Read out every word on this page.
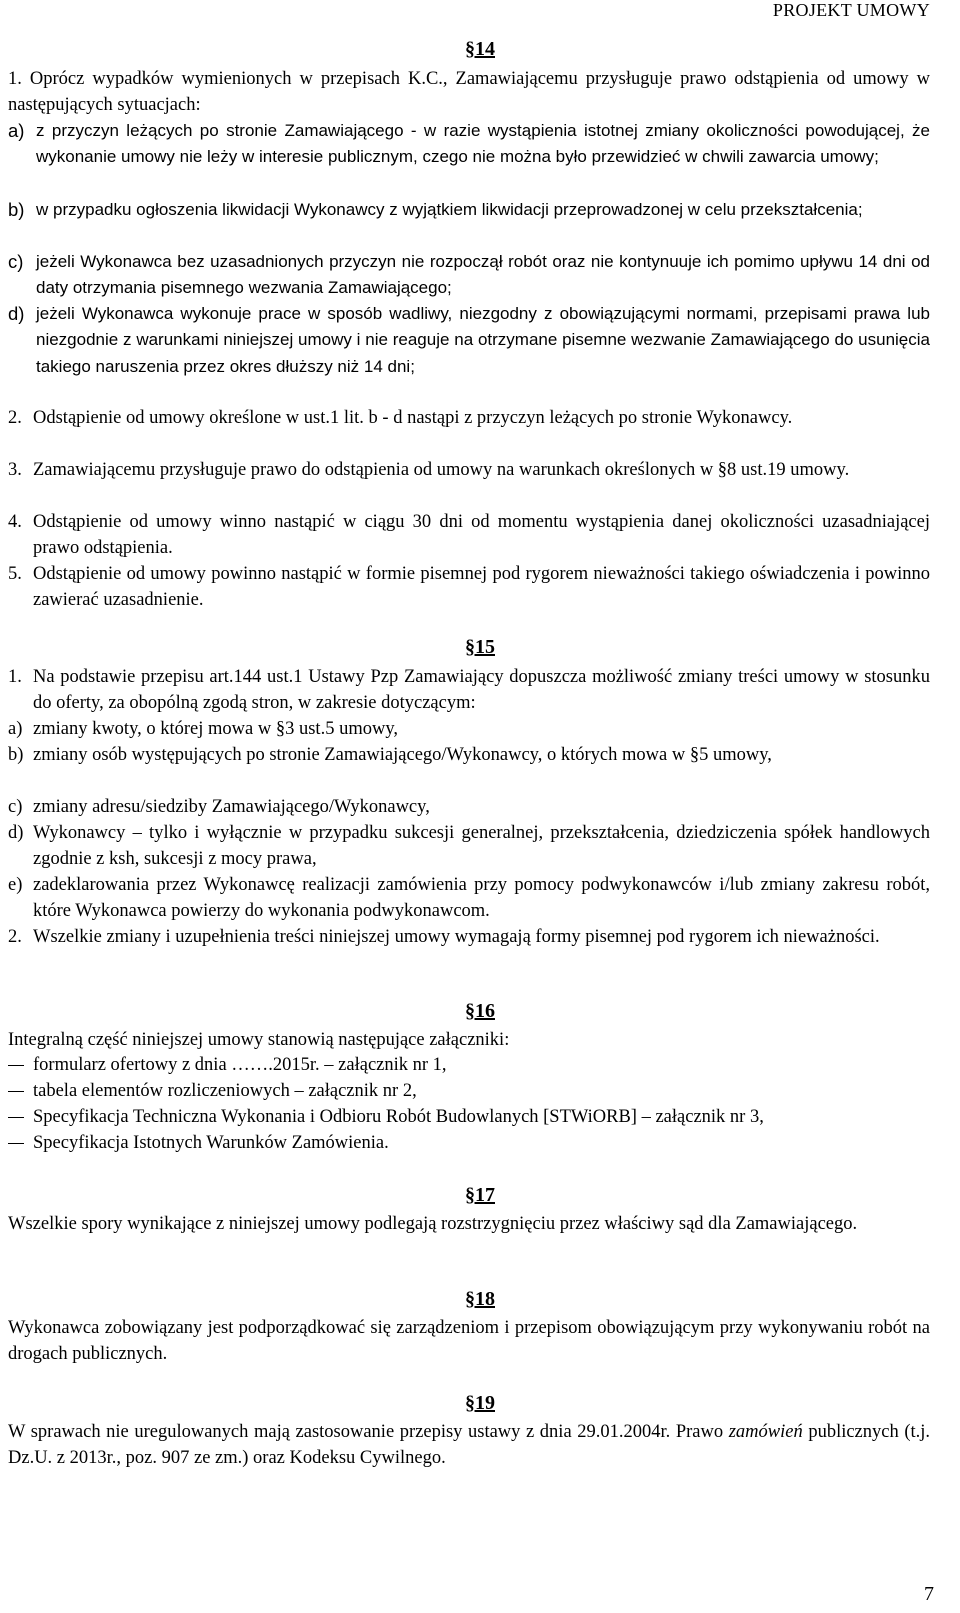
PROJEKT UMOWY
§14
1. Oprócz wypadków wymienionych w przepisach K.C., Zamawiającemu przysługuje prawo odstąpienia od umowy w następujących sytuacjach:
a) z przyczyn leżących po stronie Zamawiającego - w razie wystąpienia istotnej zmiany okoliczności powodującej, że wykonanie umowy nie leży w interesie publicznym, czego nie można było przewidzieć w chwili zawarcia umowy;
b) w przypadku ogłoszenia likwidacji Wykonawcy z wyjątkiem likwidacji przeprowadzonej w celu przekształcenia;
c) jeżeli Wykonawca bez uzasadnionych przyczyn nie rozpoczął robót oraz nie kontynuuje ich pomimo upływu 14 dni od daty otrzymania pisemnego wezwania Zamawiającego;
d) jeżeli Wykonawca wykonuje prace w sposób wadliwy, niezgodny z obowiązującymi normami, przepisami prawa lub niezgodnie z warunkami niniejszej umowy i nie reaguje na otrzymane pisemne wezwanie Zamawiającego do usunięcia takiego naruszenia przez okres dłuższy niż 14 dni;
2. Odstąpienie od umowy określone w ust.1 lit. b - d nastąpi z przyczyn leżących po stronie Wykonawcy.
3. Zamawiającemu przysługuje prawo do odstąpienia od umowy na warunkach określonych w §8 ust.19 umowy.
4. Odstąpienie od umowy winno nastąpić w ciągu 30 dni od momentu wystąpienia danej okoliczności uzasadniającej prawo odstąpienia.
5. Odstąpienie od umowy powinno nastąpić w formie pisemnej pod rygorem nieważności takiego oświadczenia i powinno zawierać uzasadnienie.
§15
1. Na podstawie przepisu art.144 ust.1 Ustawy Pzp Zamawiający dopuszcza możliwość zmiany treści umowy w stosunku do oferty, za obopólną zgodą stron, w zakresie dotyczącym:
a) zmiany kwoty, o której mowa w §3 ust.5 umowy,
b) zmiany osób występujących po stronie Zamawiającego/Wykonawcy, o których mowa w §5 umowy,
c) zmiany adresu/siedziby Zamawiającego/Wykonawcy,
d) Wykonawcy – tylko i wyłącznie w przypadku sukcesji generalnej, przekształcenia, dziedziczenia spółek handlowych zgodnie z ksh, sukcesji z mocy prawa,
e) zadeklarowania przez Wykonawcę realizacji zamówienia przy pomocy podwykonawców i/lub zmiany zakresu robót, które Wykonawca powierzy do wykonania podwykonawcom.
2. Wszelkie zmiany i uzupełnienia treści niniejszej umowy wymagają formy pisemnej pod rygorem ich nieważności.
§16
Integralną część niniejszej umowy stanowią następujące załączniki:
formularz ofertowy z dnia …….2015r. – załącznik nr 1,
tabela elementów rozliczeniowych – załącznik nr 2,
Specyfikacja Techniczna Wykonania i Odbioru Robót Budowlanych [STWiORB] – załącznik nr 3,
Specyfikacja Istotnych Warunków Zamówienia.
§17
Wszelkie spory wynikające z niniejszej umowy podlegają rozstrzygnięciu przez właściwy sąd dla Zamawiającego.
§18
Wykonawca zobowiązany jest podporządkować się zarządzeniom i przepisom obowiązującym przy wykonywaniu robót na drogach publicznych.
§19
W sprawach nie uregulowanych mają zastosowanie przepisy ustawy z dnia 29.01.2004r. Prawo zamówień publicznych (t.j. Dz.U. z 2013r., poz. 907 ze zm.) oraz Kodeksu Cywilnego.
7
